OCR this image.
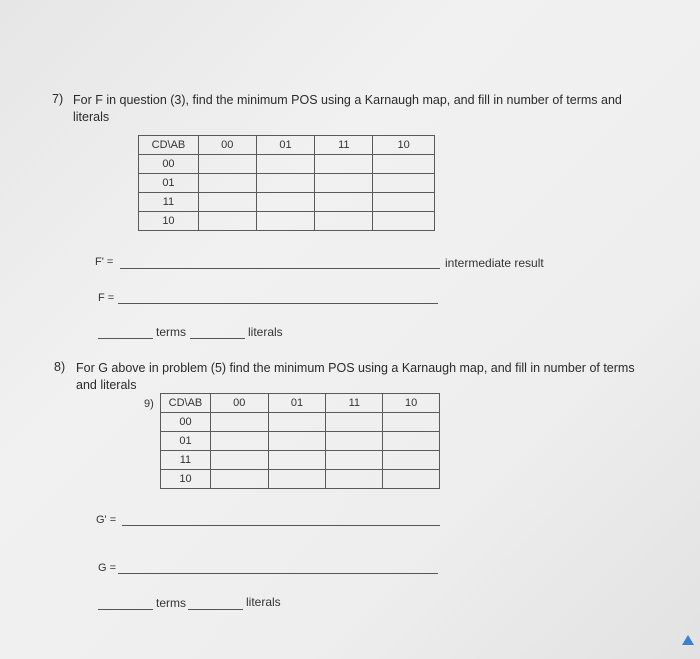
7) For F in question (3), find the minimum POS using a Karnaugh map, and fill in number of terms and
literals
CD\AB	00	01	11	10
00				
01				
11				
10				
F' =	intermediate result
F =
terms	literals
8) For G above in problem (5) find the minimum POS using a Karnaugh map, and fill in number of terms
and literals
9) CD\AB	00	01	11	10
00				
01				
11				
10				
G' =
G =
terms	literals
